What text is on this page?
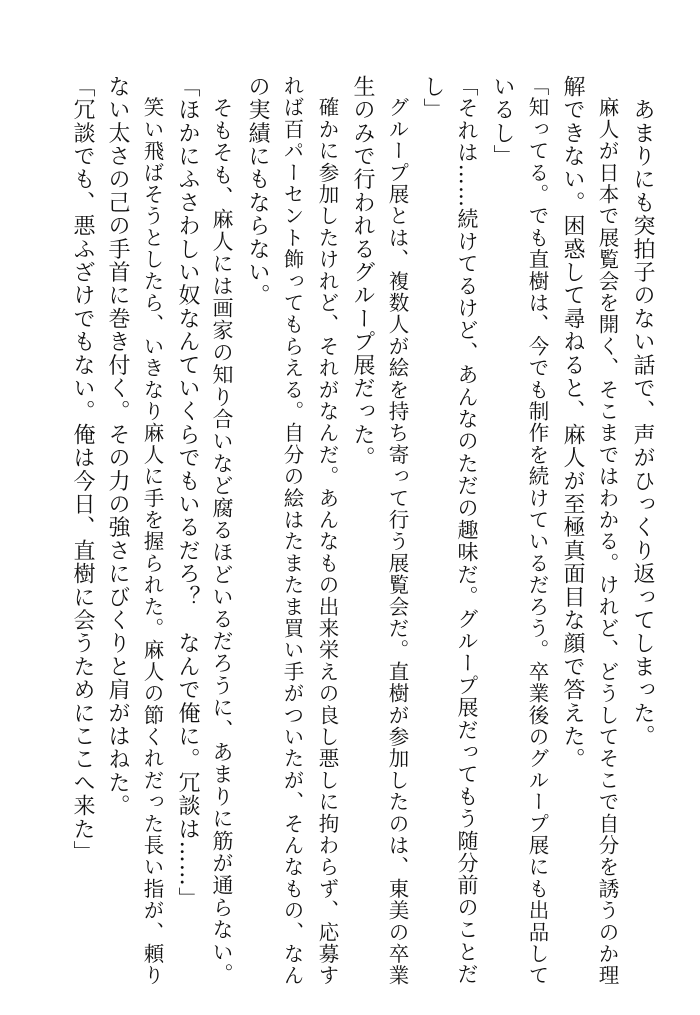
　あまりにも突拍子のない話で、声がひっくり返ってしまった。
　麻人が日本で展覧会を開く、そこまではわかる。けれど、どうしてそこで自分を誘うのか理
解できない。困惑して尋ねると、麻人が至極真面目な顔で答えた。
「知ってる。でも直樹は、今でも制作を続けているだろう。卒業後のグループ展にも出品して
いるし」
「それは……続けてるけど、あんなのただの趣味だ。グループ展だってもう随分前のことだ
し」
　グループ展とは、複数人が絵を持ち寄って行う展覧会だ。直樹が参加したのは、東美の卒業
生のみで行われるグループ展だった。
　確かに参加したけれど、それがなんだ。あんなもの出来栄えの良し悪しに拘わらず、応募す
れば百パーセント飾ってもらえる。自分の絵はたまたま買い手がついたが、そんなもの、なん
の実績にもならない。
　そもそも、麻人には画家の知り合いなど腐るほどいるだろうに、あまりに筋が通らない。
「ほかにふさわしい奴なんていくらでもいるだろ？　なんで俺に。冗談は……」
　笑い飛ばそうとしたら、いきなり麻人に手を握られた。麻人の節くれだった長い指が、頼り
ない太さの己の手首に巻き付く。その力の強さにびくりと肩がはねた。
「冗談でも、悪ふざけでもない。俺は今日、直樹に会うためにここへ来た」
